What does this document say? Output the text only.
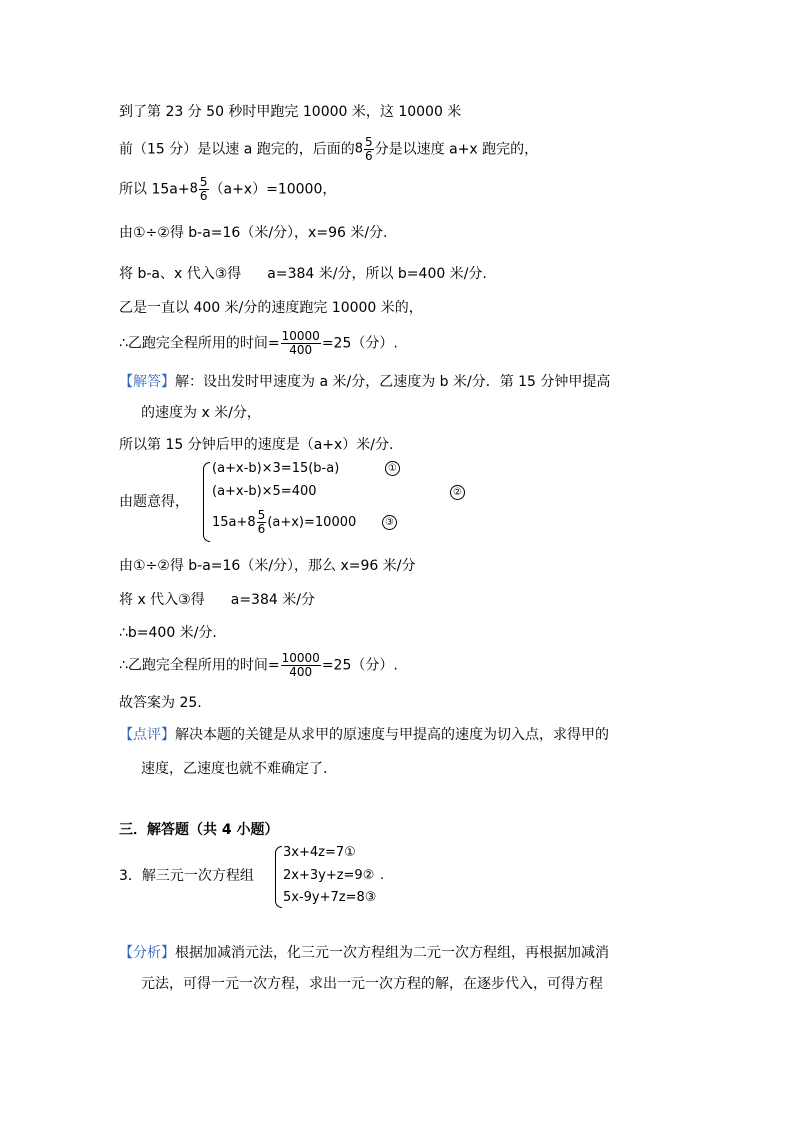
到了第 23 分 50 秒时甲跑完 10000 米，这 10000 米
前（15 分）是以速 a 跑完的，后面的$8 \frac{5}{6}$ 分是以速度 a+x 跑完的，
所以 $15a+8 \frac{5}{6} (a+x)=10000$，
由①÷②得 b-a=16（米/分），x=96 米/分.
将 b-a、x 代入③得 a=384 米/分，所以 b=400 米/分.
乙是一直以 400 米/分的速度跑完 10000 米的，
∴乙跑完全程所用的时间= $\frac{10000}{400} =25$（分）.
【解答】解：设出发时甲速度为 a 米/分，乙速度为 b 米/分．第 15 分钟甲提高
的速度为 x 米/分，
所以第 15 分钟后甲的速度是（a+x）米/分.
由题意得，
(a+x-b)×3=15(b-a)	①
(a+x-b)×5=400	②
$15a+8 \frac{5}{6} (a+x)=10000$	③
由①÷②得 b-a=16（米/分），那么 x=96 米/分
将 x 代入③得 a=384 米/分
∴b=400 米/分.
∴乙跑完全程所用的时间= $\frac{10000}{400} =25$（分）.
故答案为 25.
【点评】解决本题的关键是从求甲的原速度与甲提高的速度为切入点，求得甲的
速度，乙速度也就不难确定了.
三．解答题（共 4 小题）
3．解三元一次方程组
3x+4z=7①
2x+3y+z=9②
5x-9y+7z=8③
.
【分析】根据加减消元法，化三元一次方程组为二元一次方程组，再根据加减消
元法，可得一元一次方程，求出一元一次方程的解，在逐步代入，可得方程
